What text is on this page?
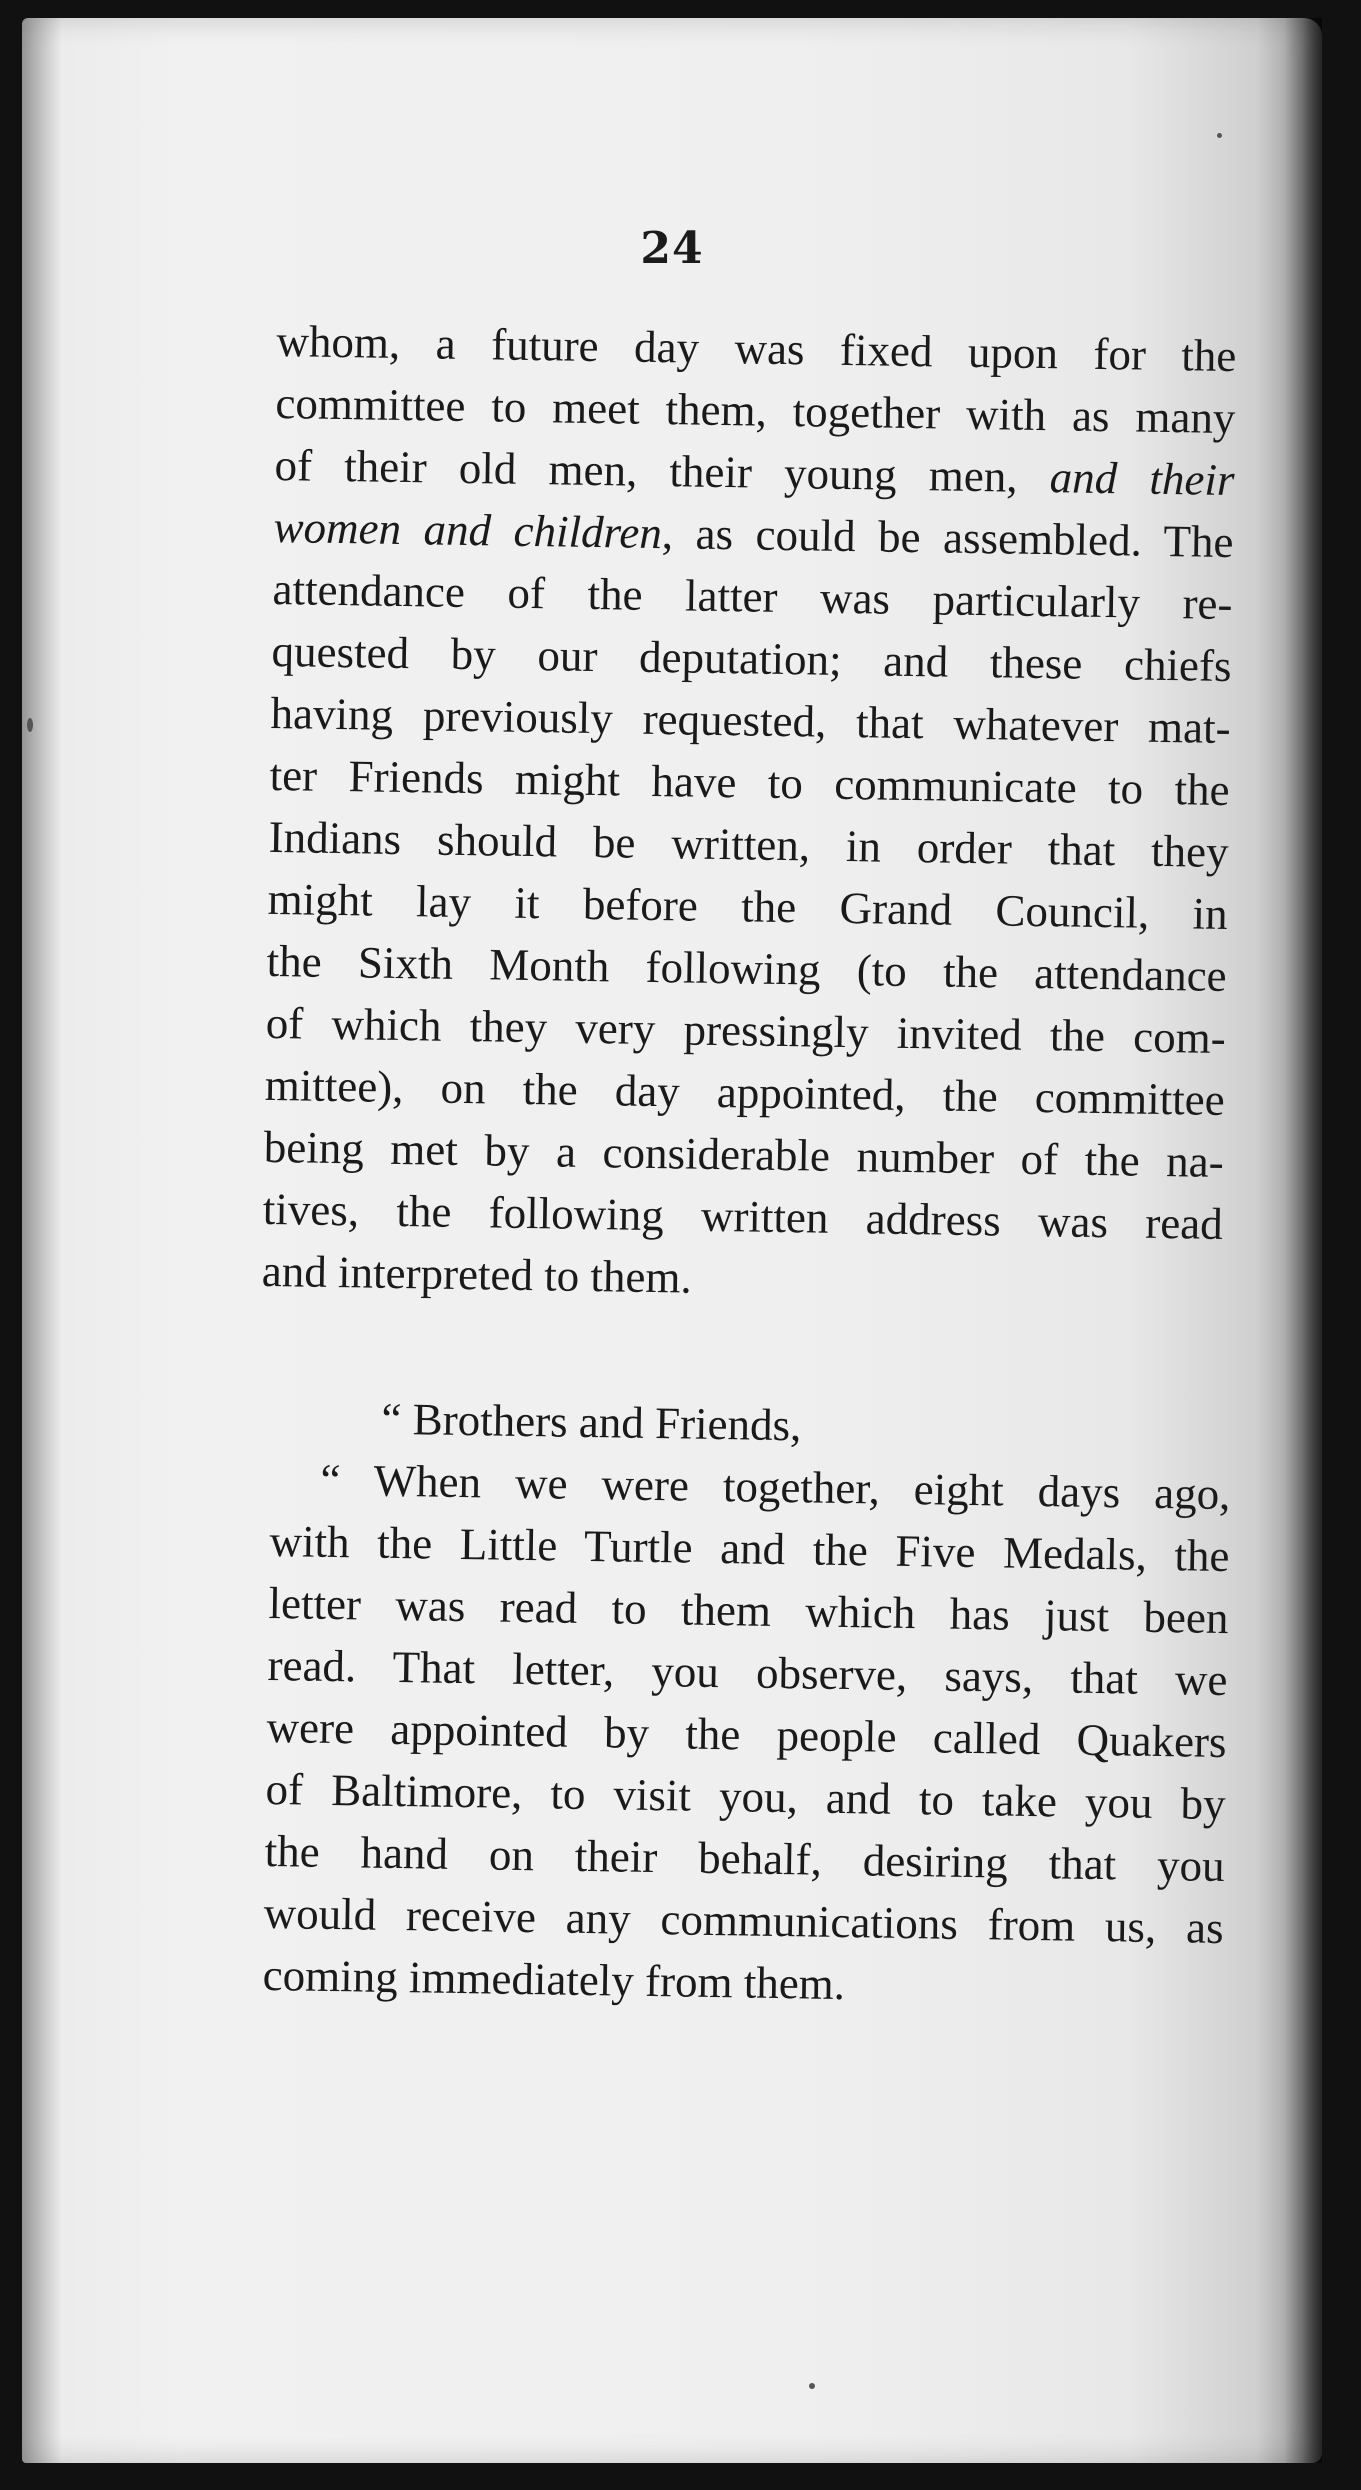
24
whom, a future day was fixed upon for the
committee to meet them, together with as many
of their old men, their young men, and their
women and children, as could be assembled. The
attendance of the latter was particularly re-
quested by our deputation; and these chiefs
having previously requested, that whatever mat-
ter Friends might have to communicate to the
Indians should be written, in order that they
might lay it before the Grand Council, in
the Sixth Month following (to the attendance
of which they very pressingly invited the com-
mittee), on the day appointed, the committee
being met by a considerable number of the na-
tives, the following written address was read
and interpreted to them.
“ Brothers and Friends,
“ When we were together, eight days ago,
with the Little Turtle and the Five Medals, the
letter was read to them which has just been
read. That letter, you observe, says, that we
were appointed by the people called Quakers
of Baltimore, to visit you, and to take you by
the hand on their behalf, desiring that you
would receive any communications from us, as
coming immediately from them.
